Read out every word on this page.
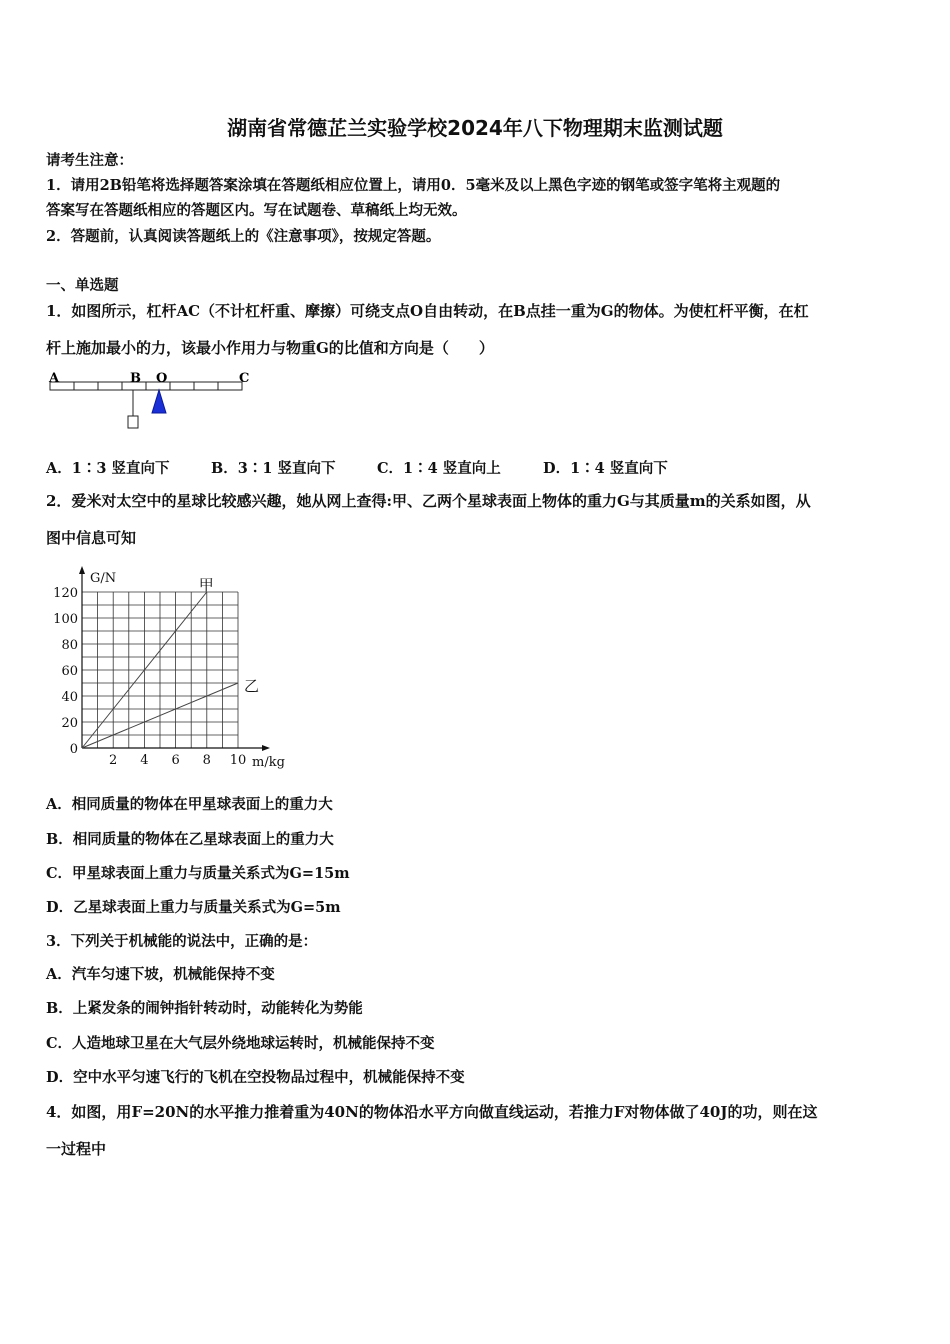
湖南省常德芷兰实验学校2024年八下物理期末监测试题
请考生注意：
1．请用2B铅笔将选择题答案涂填在答题纸相应位置上，请用0．5毫米及以上黑色字迹的钢笔或签字笔将主观题的
答案写在答题纸相应的答题区内。写在试题卷、草稿纸上均无效。
2．答题前，认真阅读答题纸上的《注意事项》，按规定答题。
一、单选题
1．如图所示，杠杆AC（不计杠杆重、摩擦）可绕支点O自由转动，在B点挂一重为G的物体。为使杠杆平衡，在杠
杆上施加最小的力，该最小作用力与物重G的比值和方向是（　　）
A	B O	C
A．1∶3 竖直向下	B．3∶1 竖直向下	C．1∶4 竖直向上	D．1∶4 竖直向下
2．爱米对太空中的星球比较感兴趣，她从网上查得:甲、乙两个星球表面上物体的重力G与其质量m的关系如图，从
图中信息可知
甲
乙
0
20
40
60
80
100
120
2 4 6 8 10
G/N
m/kg
A．相同质量的物体在甲星球表面上的重力大
B．相同质量的物体在乙星球表面上的重力大
C．甲星球表面上重力与质量关系式为G=15m
D．乙星球表面上重力与质量关系式为G=5m
3．下列关于机械能的说法中，正确的是：
A．汽车匀速下坡，机械能保持不变
B．上紧发条的闹钟指针转动时，动能转化为势能
C．人造地球卫星在大气层外绕地球运转时，机械能保持不变
D．空中水平匀速飞行的飞机在空投物品过程中，机械能保持不变
4．如图，用F=20N的水平推力推着重为40N的物体沿水平方向做直线运动，若推力F对物体做了40J的功，则在这
一过程中
